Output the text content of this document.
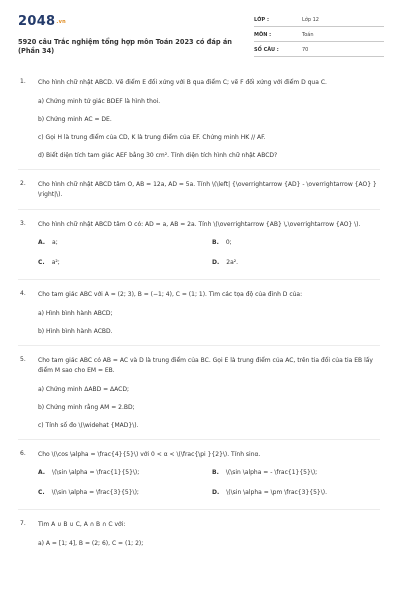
2048.vn
5920 câu Trắc nghiệm tổng hợp môn Toán 2023 có đáp án (Phần 34)
LỚP :	Lớp 12
MÔN :	Toán
SỐ CÂU :	70
1. Cho hình chữ nhật ABCD. Vẽ điểm E đối xứng với B qua điểm C; vẽ F đối xứng với điểm D qua C.
a) Chứng minh tứ giác BDEF là hình thoi.
b) Chứng minh AC = DE.
c) Gọi H là trung điểm của CD, K là trung điểm của EF. Chứng minh HK // AF.
d) Biết diện tích tam giác AEF bằng 30 cm². Tính diện tích hình chữ nhật ABCD?
2. Cho hình chữ nhật ABCD tâm O, AB = 12a, AD = 5a. Tính \(\left| {\overrightarrow {AD} - \overrightarrow {AO} } \right|\).
3. Cho hình chữ nhật ABCD tâm O có: AD = a, AB = 2a. Tính \(\overrightarrow {AB} \,\overrightarrow {AO} \).
A. a;	B. 0;
C. a²;	D. 2a².
4. Cho tam giác ABC với A = (2; 3), B = (−1; 4), C = (1; 1). Tìm các tọa độ của đỉnh D của:
a) Hình bình hành ABCD;
b) Hình bình hành ACBD.
5. Cho tam giác ABC có AB = AC và D là trung điểm của BC. Gọi E là trung điểm của AC, trên tia đối của tia EB lấy điểm M sao cho EM = EB.
a) Chứng minh ΔABD = ΔACD;
b) Chứng minh rằng AM = 2.BD;
c) Tính số đo \(\widehat {MAD}\).
6. Cho \(\cos \alpha = \frac{4}{5}\) với 0 < α < \(\frac{\pi }{2}\). Tính sinα.
A. \(\sin \alpha = \frac{1}{5}\);	B. \(\sin \alpha = - \frac{1}{5}\);
C. \(\sin \alpha = \frac{3}{5}\);	D. \(\sin \alpha = \pm \frac{3}{5}\).
7. Tìm A ∪ B ∪ C, A ∩ B ∩ C với:
a) A = [1; 4], B = (2; 6), C = (1; 2);
